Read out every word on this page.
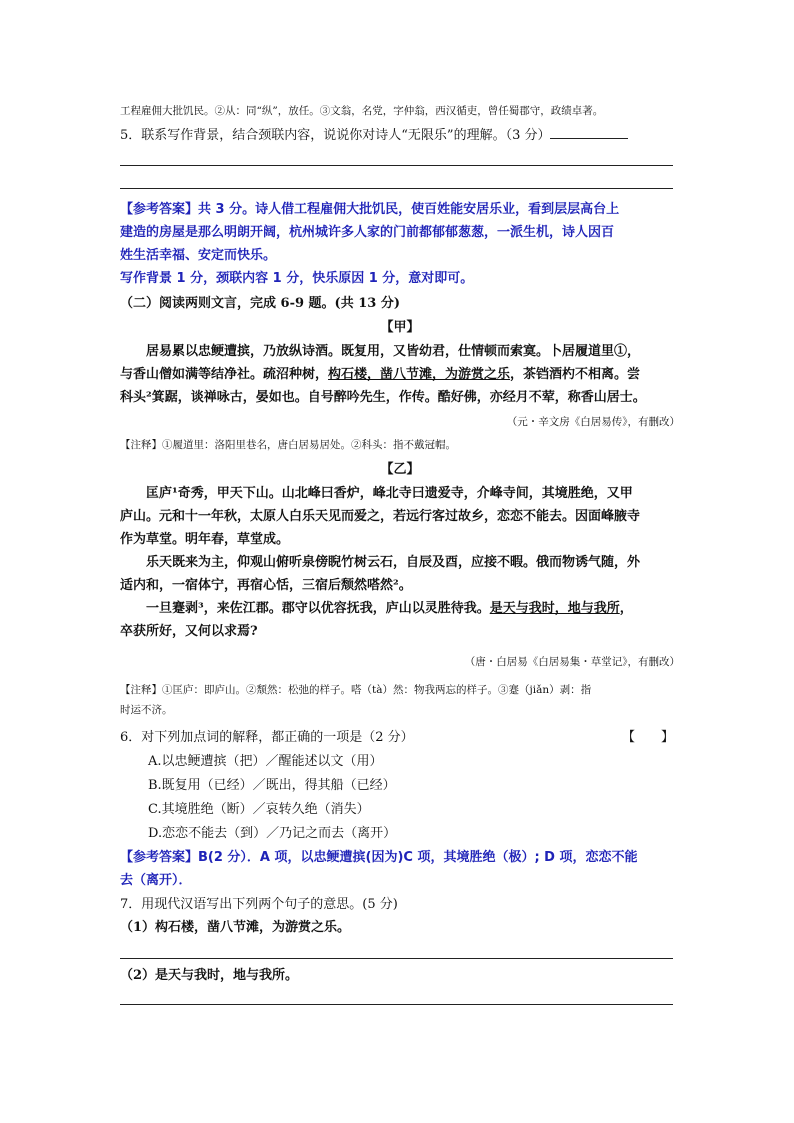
工程雇佣大批饥民。②从：同“纵”，放任。③文翁，名党，字仲翁，西汉循吏，曾任蜀郡守，政绩卓著。

5．联系写作背景，结合颈联内容，说说你对诗人“无限乐”的理解。（3 分）

【参考答案】共 3 分。诗人借工程雇佣大批饥民，使百姓能安居乐业，看到层层高台上
建造的房屋是那么明朗开阔，杭州城许多人家的门前都郁郁葱葱，一派生机，诗人因百
姓生活幸福、安定而快乐。
写作背景 1 分，颈联内容 1 分，快乐原因 1 分，意对即可。

（二）阅读两则文言，完成 6-9 题。(共 13 分)

【甲】

居易累以忠鲠遭摈，乃放纵诗酒。既复用，又皆幼君，仕情顿而索寞。卜居履道里①，
与香山僧如满等结净社。疏沼种树，构石楼，凿八节滩，为游赏之乐，茶铛酒杓不相离。尝
科头²箕踞，谈禅咏古，晏如也。自号醉吟先生，作传。酷好佛，亦经月不荤，称香山居士。

（元・辛文房《白居易传》，有删改）

【注释】①履道里：洛阳里巷名，唐白居易居处。②科头：指不戴冠帽。

【乙】

匡庐¹奇秀，甲天下山。山北峰曰香炉，峰北寺曰遗爱寺，介峰寺间，其境胜绝，又甲
庐山。元和十一年秋，太原人白乐天见而爱之，若远行客过故乡，恋恋不能去。因面峰腋寺
作为草堂。明年春，草堂成。
乐天既来为主，仰观山俯听泉傍睨竹树云石，自辰及酉，应接不暇。俄而物诱气随，外
适内和，一宿体宁，再宿心恬，三宿后颓然嗒然²。
一旦蹇剥³，来佐江郡。郡守以优容抚我，庐山以灵胜待我。是天与我时，地与我所，
卒获所好，又何以求焉?

（唐・白居易《白居易集・草堂记》，有删改）

【注释】①匡庐：即庐山。②颓然：松弛的样子。嗒（tà）然：物我两忘的样子。③蹇（jiǎn）剥：指
时运不济。
6．对下列加点词的解释，都正确的一项是（2 分）	【　　】
A.以忠鲠遭摈（把）／醒能述以文（用）
B.既复用（已经）／既出，得其船（已经）
C.其境胜绝（断）／哀转久绝（消失）
D.恋恋不能去（到）／乃记之而去（离开）
【参考答案】B(2 分）．A 项，以忠鲠遭摈(因为)C 项，其境胜绝（极）; D 项，恋恋不能
去（离开）．

7．用现代汉语写出下列两个句子的意思。(5 分)

（1）构石楼，凿八节滩，为游赏之乐。

（2）是天与我时，地与我所。
